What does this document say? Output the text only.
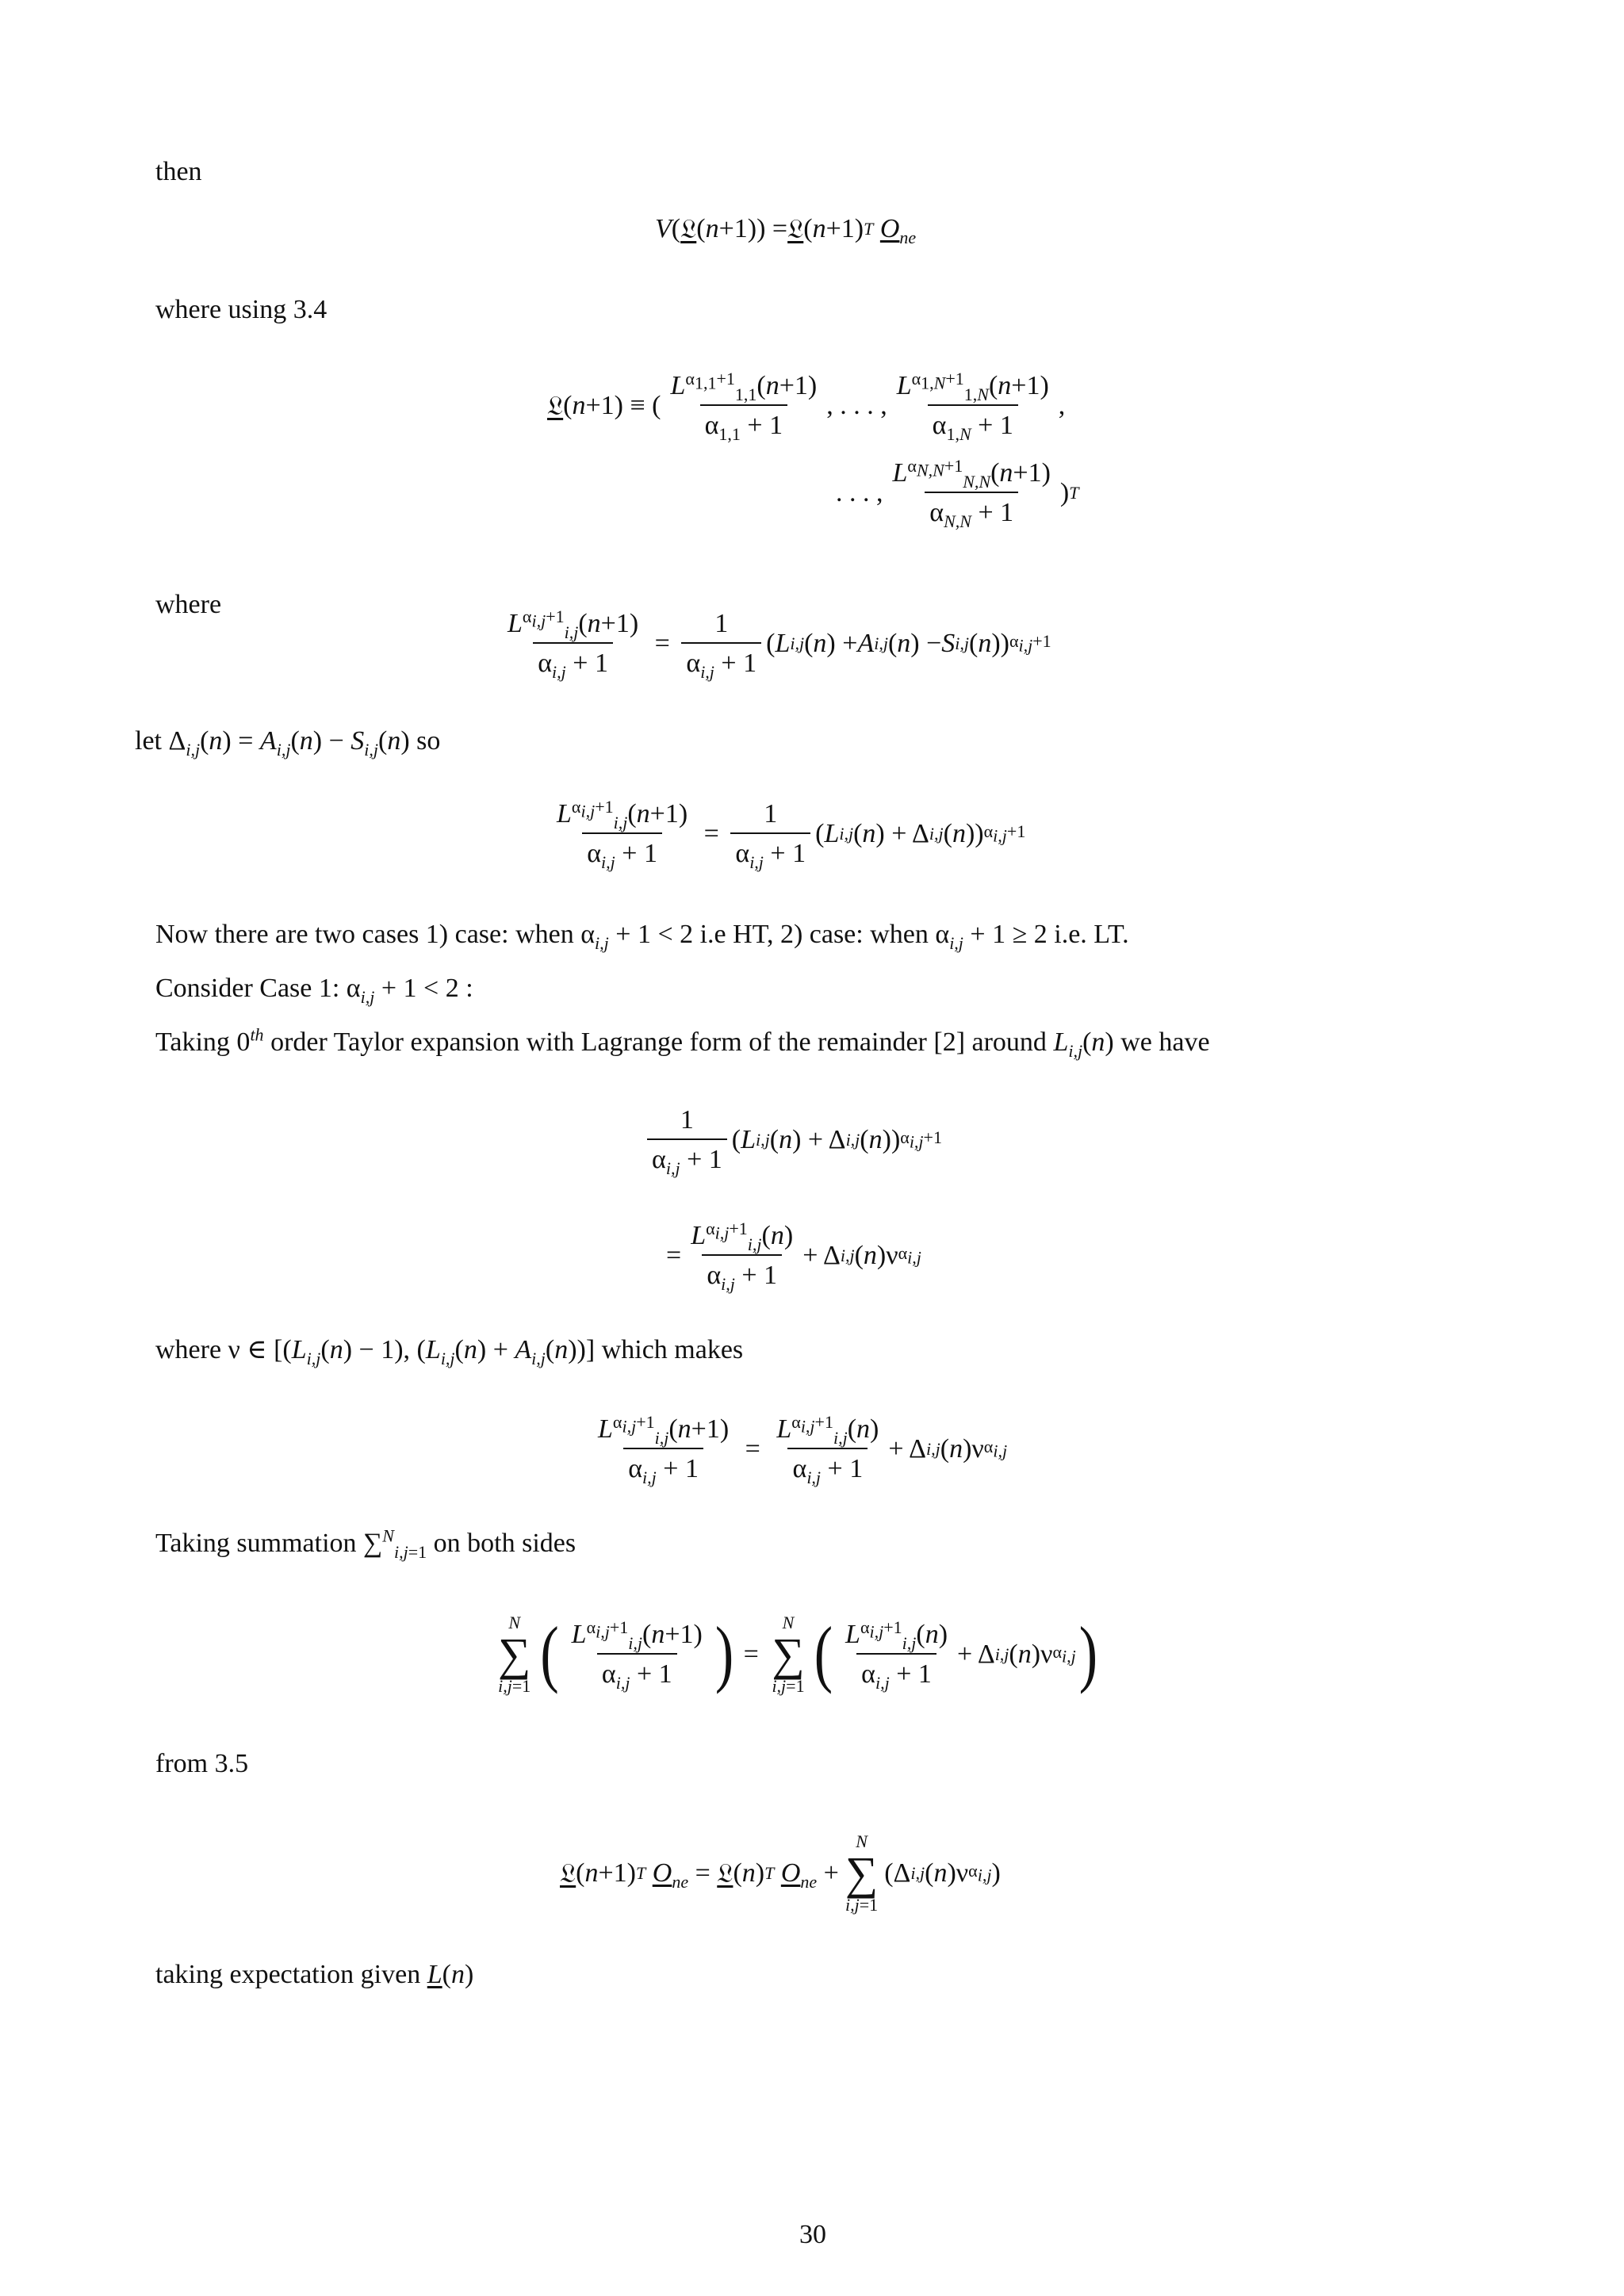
then
V ( 𝔏 ( n +1)) = 𝔏 ( n +1) T
$O_{ne}$
where using 3.4
𝔏 ( n +1) ≡ ( $\frac{L^{\alpha_{1,1}+1}_{1,1}(n+1)}{\alpha_{1,1} + 1}$ , . . . , $\frac{L^{\alpha_{1,N}+1}_{1,N}(n+1)}{\alpha_{1,N} + 1}$ ,
. . . , $\frac{L^{\alpha_{N,N}+1}_{N,N}(n+1)}{\alpha_{N,N} + 1}$ ) T
where
$\frac{L^{\alpha_{i,j}+1}_{i,j}(n+1)}{\alpha_{i,j} + 1} = \frac{1}{\alpha_{i,j} + 1}$ ( L i,j ( n ) + A i,j ( n ) − S i,j ( n )) $\alpha_{i,j}+1$
let $\Delta_{i,j}(n) = A_{i,j}(n) - S_{i,j}(n)$ so
$\frac{L^{\alpha_{i,j}+1}_{i,j}(n+1)}{\alpha_{i,j} + 1} = \frac{1}{\alpha_{i,j} + 1}$ ( L i,j ( n ) + Δ i,j ( n )) $\alpha_{i,j}+1$
Now there are two cases 1) case: when $\alpha_{i,j} + 1 < 2$ i.e HT, 2) case: when $\alpha_{i,j} + 1 \ge 2$ i.e. LT.
Consider Case 1: $\alpha_{i,j} + 1 < 2$ :
Taking 0th order Taylor expansion with Lagrange form of the remainder [2] around $L_{i,j}(n)$ we have
$\frac{1}{\alpha_{i,j} + 1}$ ( L i,j ( n ) + Δ i,j ( n )) $\alpha_{i,j}+1$
= $\frac{L^{\alpha_{i,j}+1}_{i,j}(n)}{\alpha_{i,j} + 1} + \Delta$ i,j ( n )ν $\alpha_{i,j}$
where ν ∈ [$(L_{i,j}(n) - 1)$, $(L_{i,j}(n) + A_{i,j}(n))$] which makes
$\frac{L^{\alpha_{i,j}+1}_{i,j}(n+1)}{\alpha_{i,j} + 1} = \frac{L^{\alpha_{i,j}+1}_{i,j}(n)}{\alpha_{i,j} + 1} + \Delta$ i,j ( n )ν $\alpha_{i,j}$
Taking summation ∑$^N_{i,j=1}$ on both sides
N
∑
i,j=1 ( $\frac{L^{\alpha_{i,j}+1}_{i,j}(n+1)}{\alpha_{i,j} + 1}$ ) =
N
∑
i,j=1 ( $\frac{L^{\alpha_{i,j}+1}_{i,j}(n)}{\alpha_{i,j} + 1} + \Delta$ i,j ( n )ν $\alpha_{i,j}$ )
from 3.5
𝔏 ( n +1) T
$O_{ne}$ = 𝔏 ( n ) T
$O_{ne}$ +
N
∑
i,j=1
(Δ i,j ( n )ν $\alpha_{i,j}$ )
taking expectation given L(n)
30
